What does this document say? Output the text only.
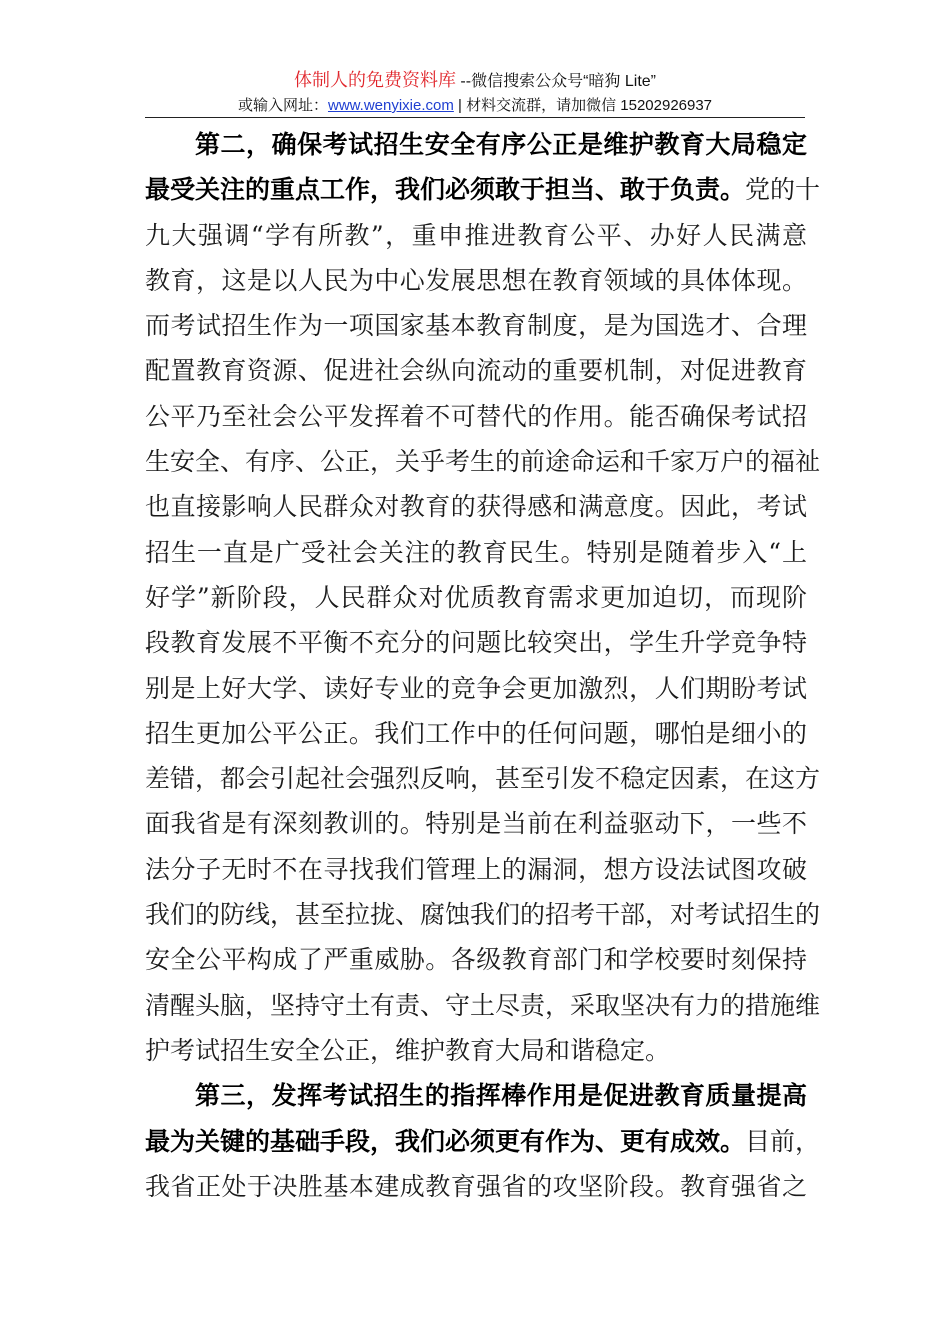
体制人的免费资料库 --微信搜索公众号“暗狗 Lite”
或输入网址：www.wenyixie.com | 材料交流群，请加微信 15202926937
第二，确保考试招生安全有序公正是维护教育大局稳定
最受关注的重点工作，我们必须敢于担当、敢于负责。党的十
九大强调“学有所教”，重申推进教育公平、办好人民满意
教育，这是以人民为中心发展思想在教育领域的具体体现。
而考试招生作为一项国家基本教育制度，是为国选才、合理
配置教育资源、促进社会纵向流动的重要机制，对促进教育
公平乃至社会公平发挥着不可替代的作用。能否确保考试招
生安全、有序、公正，关乎考生的前途命运和千家万户的福祉
也直接影响人民群众对教育的获得感和满意度。因此，考试
招生一直是广受社会关注的教育民生。特别是随着步入“上
好学”新阶段，人民群众对优质教育需求更加迫切，而现阶
段教育发展不平衡不充分的问题比较突出，学生升学竞争特
别是上好大学、读好专业的竞争会更加激烈，人们期盼考试
招生更加公平公正。我们工作中的任何问题，哪怕是细小的
差错，都会引起社会强烈反响，甚至引发不稳定因素，在这方
面我省是有深刻教训的。特别是当前在利益驱动下，一些不
法分子无时不在寻找我们管理上的漏洞，想方设法试图攻破
我们的防线，甚至拉拢、腐蚀我们的招考干部，对考试招生的
安全公平构成了严重威胁。各级教育部门和学校要时刻保持
清醒头脑，坚持守土有责、守土尽责，采取坚决有力的措施维
护考试招生安全公正，维护教育大局和谐稳定。
第三，发挥考试招生的指挥棒作用是促进教育质量提高
最为关键的基础手段，我们必须更有作为、更有成效。目前，
我省正处于决胜基本建成教育强省的攻坚阶段。教育强省之
